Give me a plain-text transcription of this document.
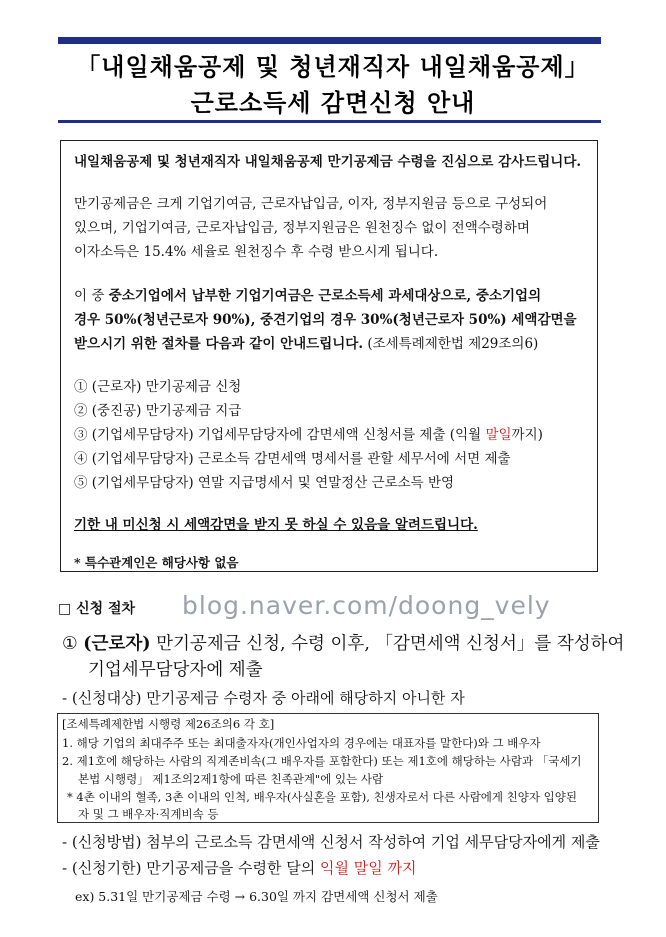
「내일채움공제 및 청년재직자 내일채움공제」
근로소득세 감면신청 안내
내일채움공제 및 청년재직자 내일채움공제 만기공제금 수령을 진심으로 감사드립니다.
만기공제금은 크게 기업기여금, 근로자납입금, 이자, 정부지원금 등으로 구성되어
있으며, 기업기여금, 근로자납입금, 정부지원금은 원천징수 없이 전액수령하며
이자소득은 15.4% 세율로 원천징수 후 수령 받으시게 됩니다.
이 중 중소기업에서 납부한 기업기여금은 근로소득세 과세대상으로, 중소기업의
경우 50%(청년근로자 90%), 중견기업의 경우 30%(청년근로자 50%) 세액감면을
받으시기 위한 절차를 다음과 같이 안내드립니다. (조세특례제한법 제29조의6)
① (근로자) 만기공제금 신청
② (중진공) 만기공제금 지급
③ (기업세무담당자) 기업세무담당자에 감면세액 신청서를 제출 (익월 말일까지)
④ (기업세무담당자) 근로소득 감면세액 명세서를 관할 세무서에 서면 제출
⑤ (기업세무담당자) 연말 지급명세서 및 연말정산 근로소득 반영
기한 내 미신청 시 세액감면을 받지 못 하실 수 있음을 알려드립니다.
* 특수관계인은 해당사항 없음
□ 신청 절차 blog.naver.com/doong_vely
① (근로자) 만기공제금 신청, 수령 이후, 「감면세액 신청서」를 작성하여
기업세무담당자에 제출
- (신청대상) 만기공제금 수령자 중 아래에 해당하지 아니한 자
[조세특례제한법 시행령 제26조의6 각 호]
1. 해당 기업의 최대주주 또는 최대출자자(개인사업자의 경우에는 대표자를 말한다)와 그 배우자
2. 제1호에 해당하는 사람의 직계존비속(그 배우자를 포함한다) 또는 제1호에 해당하는 사람과 「국세기
본법 시행령」 제1조의2제1항에 따른 친족관계"에 있는 사람
* 4촌 이내의 혈족, 3촌 이내의 인척, 배우자(사실혼을 포함), 친생자로서 다른 사람에게 친양자 입양된
자 및 그 배우자·직계비속 등
- (신청방법) 첨부의 근로소득 감면세액 신청서 작성하여 기업 세무담당자에게 제출
- (신청기한) 만기공제금을 수령한 달의 익월 말일 까지
ex) 5.31일 만기공제금 수령 → 6.30일 까지 감면세액 신청서 제출
